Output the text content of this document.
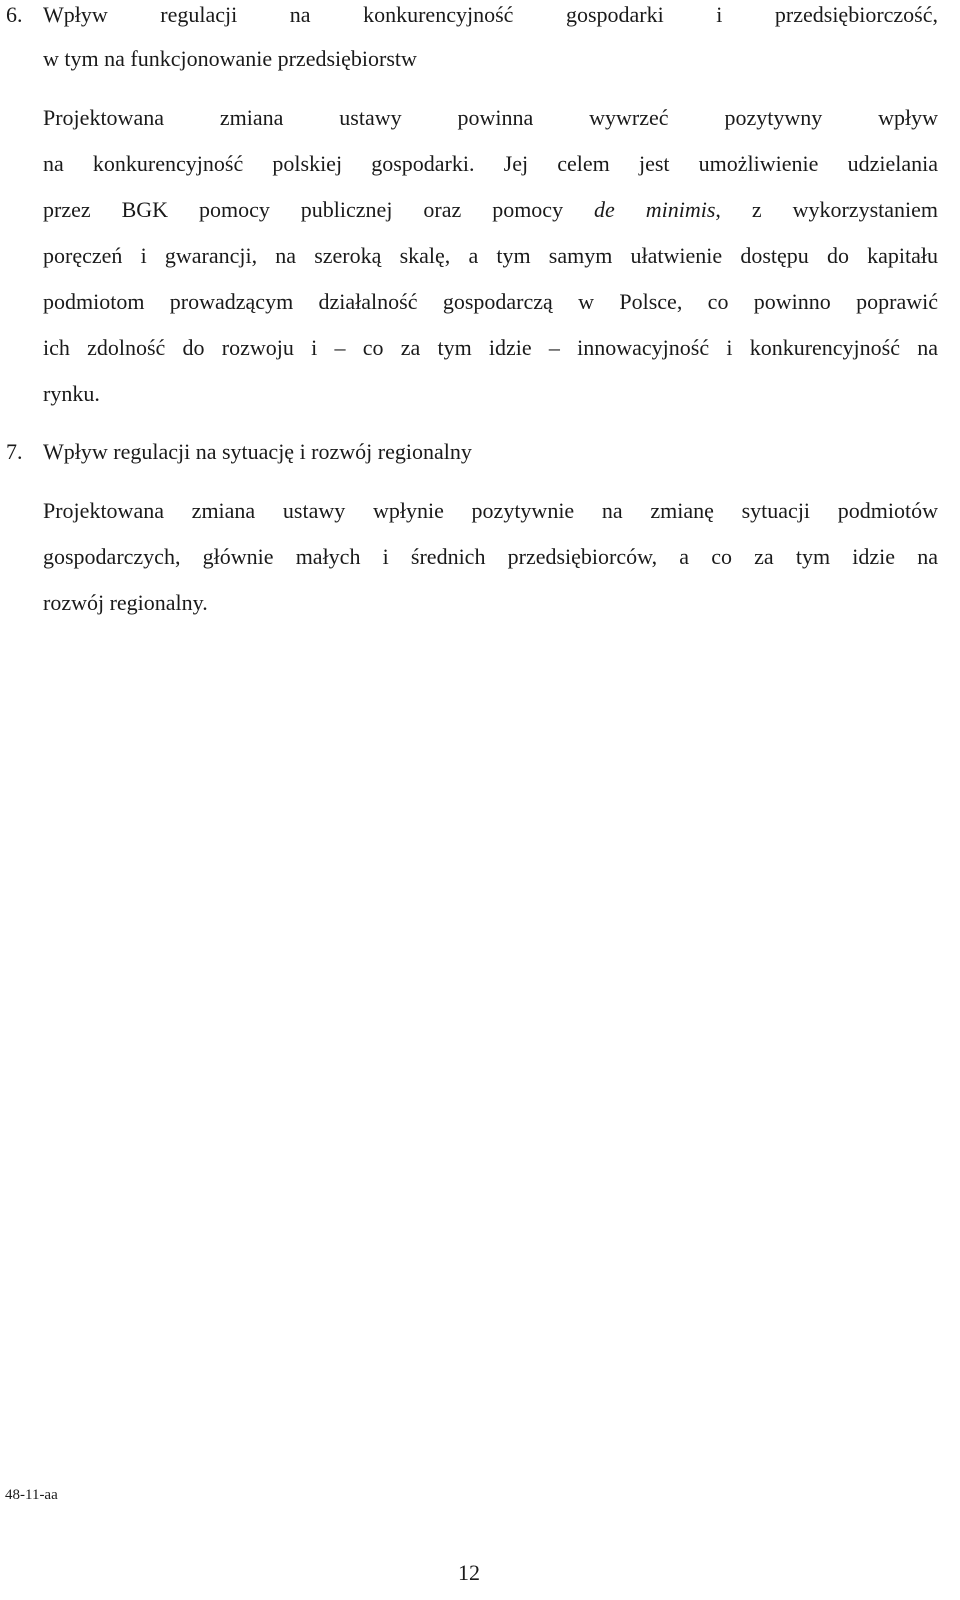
6. Wpływ regulacji na konkurencyjność gospodarki i przedsiębiorczość,
w tym na funkcjonowanie przedsiębiorstw
Projektowana zmiana ustawy powinna wywrzeć pozytywny wpływ
na konkurencyjność polskiej gospodarki. Jej celem jest umożliwienie udzielania
przez BGK pomocy publicznej oraz pomocy de minimis, z wykorzystaniem
poręczeń i gwarancji, na szeroką skalę, a tym samym ułatwienie dostępu do kapitału
podmiotom prowadzącym działalność gospodarczą w Polsce, co powinno poprawić
ich zdolność do rozwoju i – co za tym idzie – innowacyjność i konkurencyjność na
rynku.
7. Wpływ regulacji na sytuację i rozwój regionalny
Projektowana zmiana ustawy wpłynie pozytywnie na zmianę sytuacji podmiotów
gospodarczych, głównie małych i średnich przedsiębiorców, a co za tym idzie na
rozwój regionalny.
48-11-aa
12
